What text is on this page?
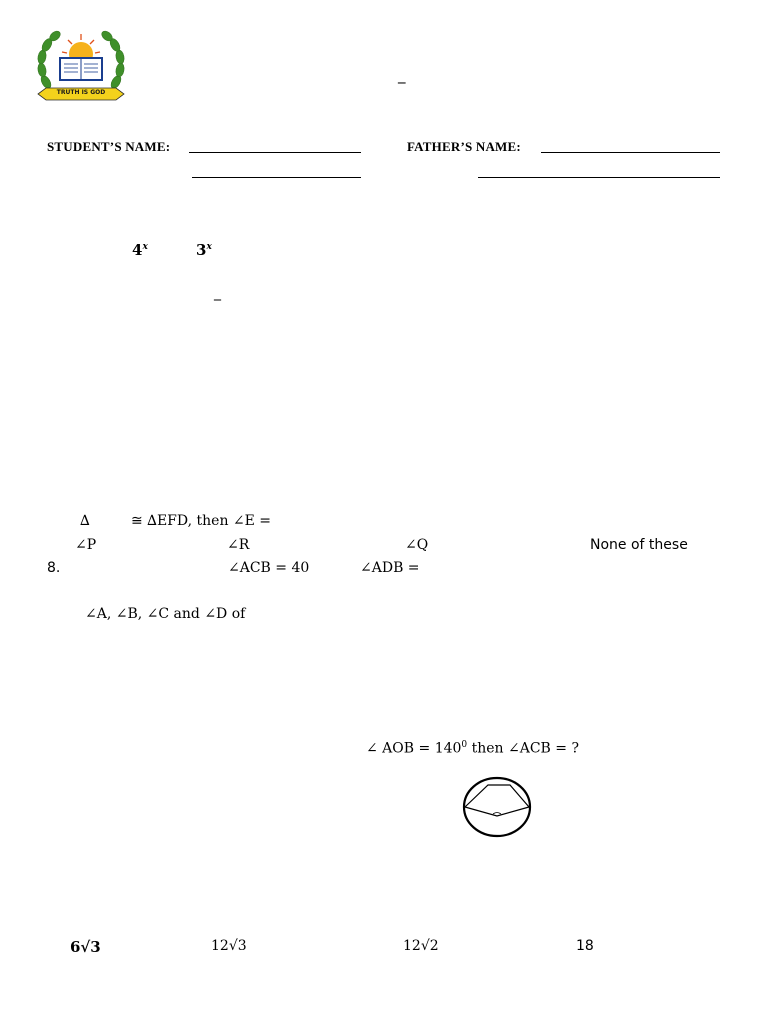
TRUTH IS GOD
_
STUDENT’S NAME:	FATHER’S NAME:
4$^x$	3$^x$
_
∆	≅ ∆EFD, then ∠E =
∠P	∠R	∠Q	None of these
8.	∠ACB = 40	∠ADB =
∠A, ∠B, ∠C and ∠D of
∠ AOB = $140^0$ then ∠ACB = ?
6√3	12√3	12√2	18
